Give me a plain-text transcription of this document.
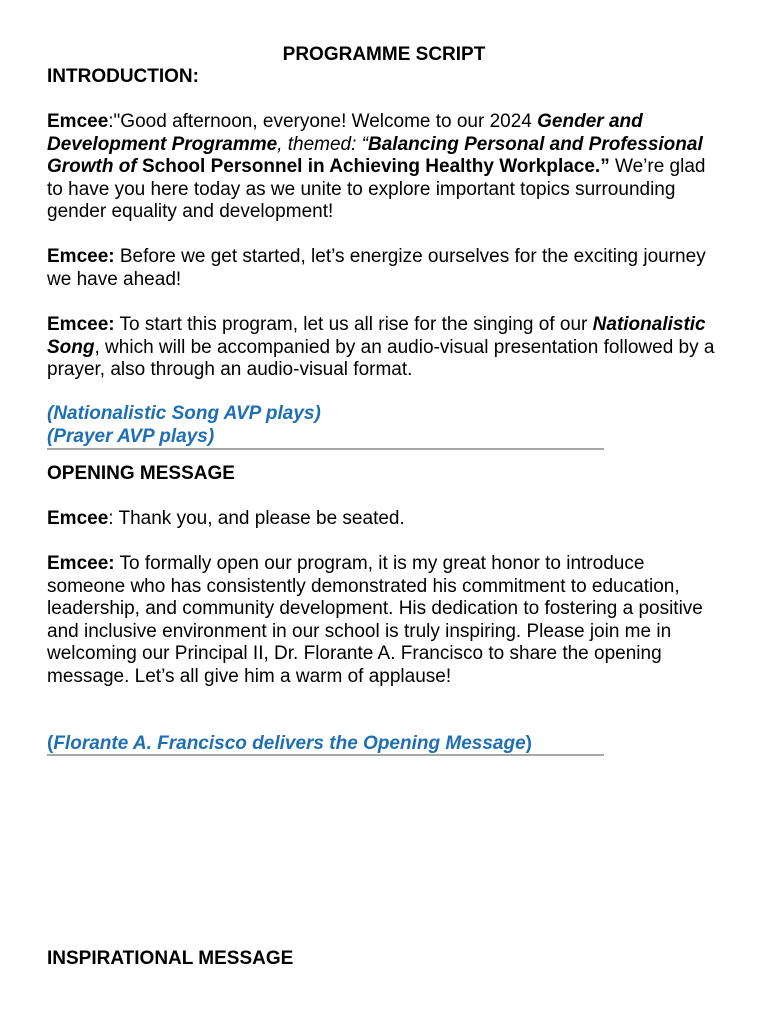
PROGRAMME SCRIPT
INTRODUCTION:

Emcee:"Good afternoon, everyone! Welcome to our 2024 Gender and Development Programme, themed: “Balancing Personal and Professional Growth of School Personnel in Achieving Healthy Workplace.” We’re glad to have you here today as we unite to explore important topics surrounding gender equality and development!

Emcee: Before we get started, let’s energize ourselves for the exciting journey we have ahead!

Emcee: To start this program, let us all rise for the singing of our Nationalistic Song, which will be accompanied by an audio-visual presentation followed by a prayer, also through an audio-visual format.

(Nationalistic Song AVP plays)
(Prayer AVP plays)
OPENING MESSAGE

Emcee: Thank you, and please be seated.

Emcee: To formally open our program, it is my great honor to introduce someone who has consistently demonstrated his commitment to education, leadership, and community development. His dedication to fostering a positive and inclusive environment in our school is truly inspiring. Please join me in welcoming our Principal II, Dr. Florante A. Francisco to share the opening message. Let’s all give him a warm of applause!

(Florante A. Francisco delivers the Opening Message)
INSPIRATIONAL MESSAGE
